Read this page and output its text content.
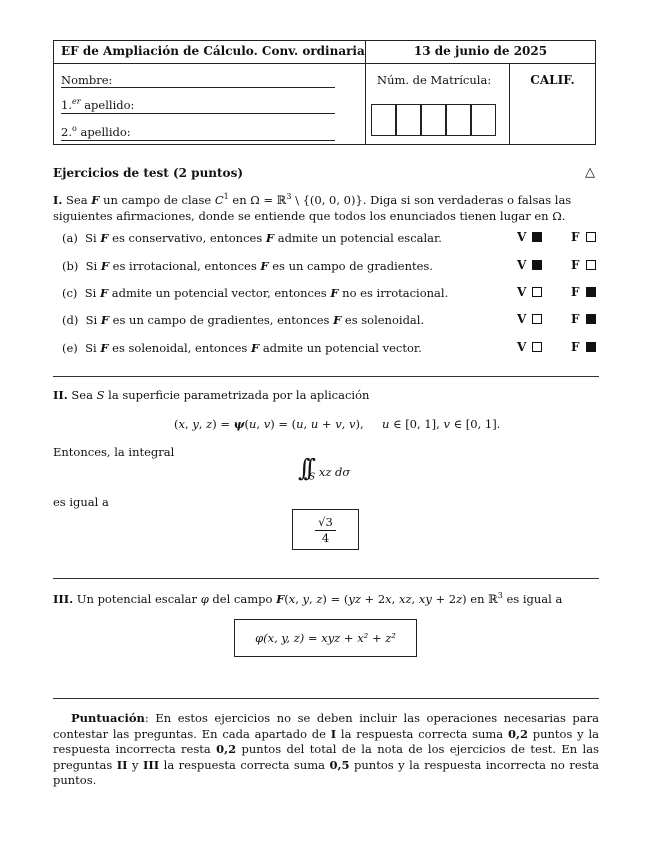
EF de Ampliación de Cálculo. Conv. ordinaria	13 de junio de 2025
Nombre:
1.$^{er}$ apellido:
2.$^o$ apellido:
Núm. de Matrícula:	CALIF.
Ejercicios de test (2 puntos)	△
I. Sea F un campo de clase $C^1$ en Ω = ℝ$^3$ \ {(0, 0, 0)}. Diga si son verdaderas o falsas las siguientes afirmaciones, donde se entiende que todos los enunciados tienen lugar en Ω.
(a)  Si F es conservativo, entonces F admite un potencial escalar.	V	F
(b)  Si F es irrotacional, entonces F es un campo de gradientes.	V	F
(c)  Si F admite un potencial vector, entonces F no es irrotacional.	V	F
(d)  Si F es un campo de gradientes, entonces F es solenoidal.	V	F
(e)  Si F es solenoidal, entonces F admite un potencial vector.	V	F
II. Sea S la superficie parametrizada por la aplicación
(x, y, z) = ψ(u, v) = (u, u + v, v),     u ∈ [0, 1], v ∈ [0, 1].
Entonces, la integral
$\int\int_S$ xz dσ
es igual a
$\frac{√3}{4}$
III. Un potencial escalar φ del campo F(x, y, z) = (yz + 2x, xz, xy + 2z) en ℝ$^3$ es igual a
φ(x, y, z) = xyz + x² + z²
Puntuación: En estos ejercicios no se deben incluir las operaciones necesarias para contestar las preguntas. En cada apartado de I la respuesta correcta suma 0,2 puntos y la respuesta incorrecta resta 0,2 puntos del total de la nota de los ejercicios de test. En las preguntas II y III la respuesta correcta suma 0,5 puntos y la respuesta incorrecta no resta puntos.
